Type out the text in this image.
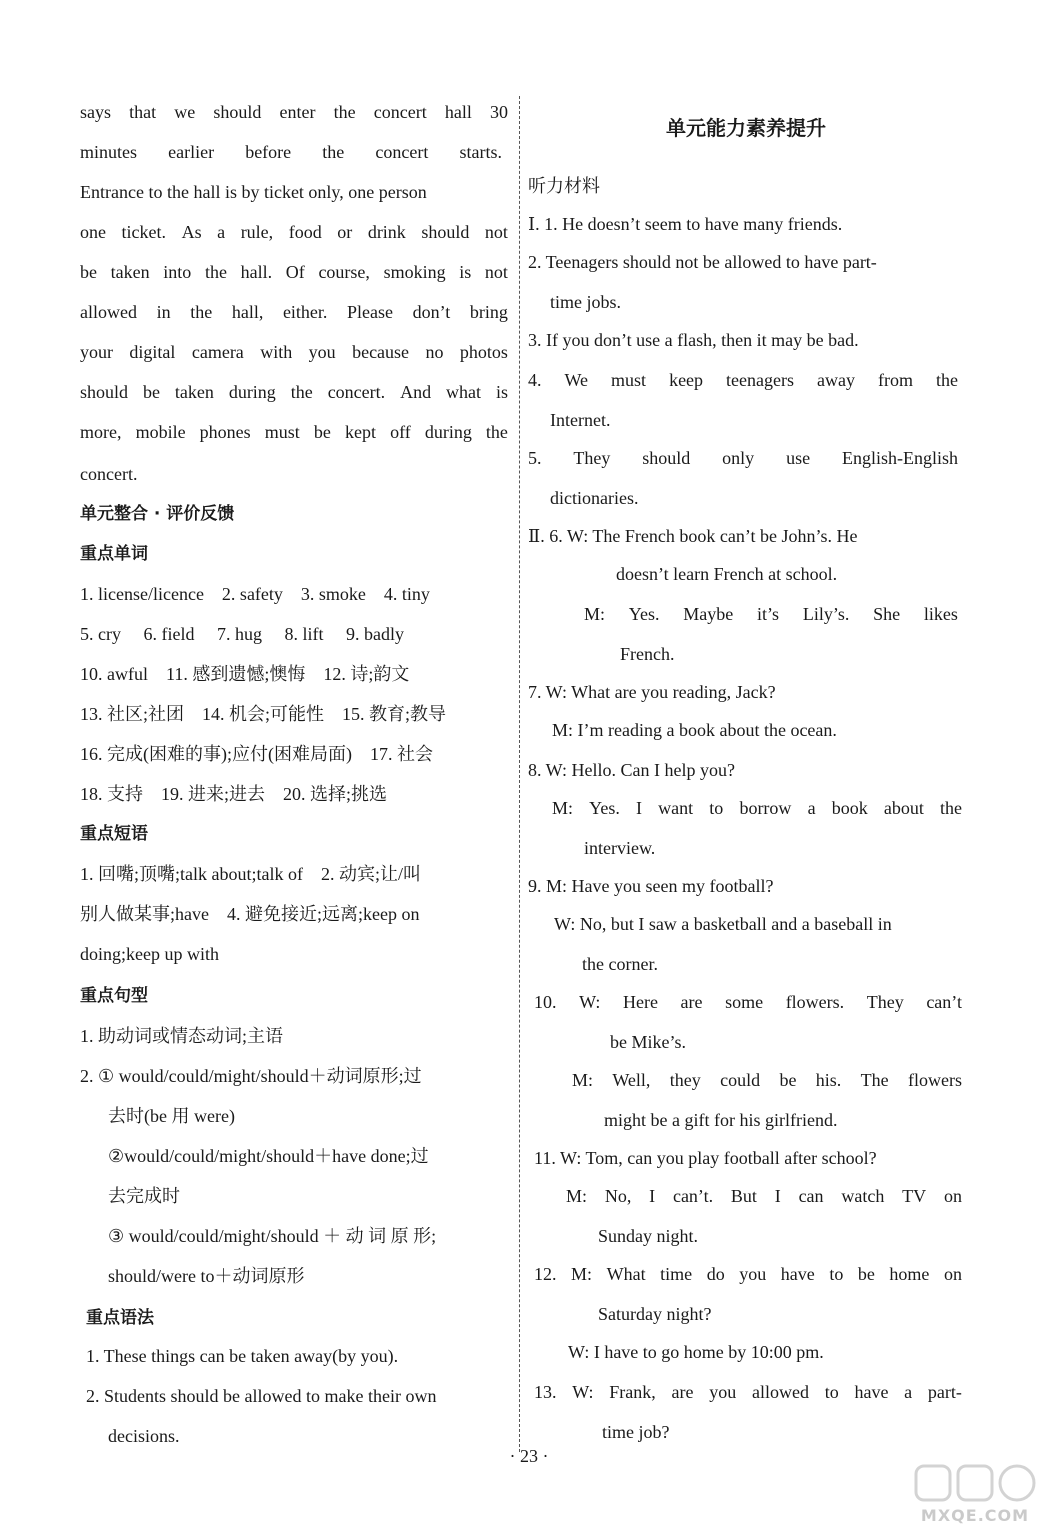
says that we should enter the concert hall 30
minutes earlier before the concert starts.
Entrance to the hall is by ticket only, one person
one ticket. As a rule, food or drink should not
be taken into the hall. Of course, smoking is not
allowed in the hall, either. Please don’t bring
your digital camera with you because no photos
should be taken during the concert. And what is
more, mobile phones must be kept off during the
concert.
单元整合 · 评价反馈
重点单词
1. license/licence　2. safety　3. smoke　4. tiny
5. cry　 6. field　 7. hug　 8. lift　 9. badly
10. awful　11. 感到遗憾;懊悔　12. 诗;韵文
13. 社区;社团　14. 机会;可能性　15. 教育;教导
16. 完成(困难的事);应付(困难局面)　17. 社会
18. 支持　19. 进来;进去　20. 选择;挑选
重点短语
1. 回嘴;顶嘴;talk about;talk of　2. 动宾;让/叫
别人做某事;have　4. 避免接近;远离;keep on
doing;keep up with
重点句型
1. 助动词或情态动词;主语
2. ① would/could/might/should＋动词原形;过
去时(be 用 were)
②would/could/might/should＋have done;过
去完成时
③ would/could/might/should ＋ 动 词 原 形;
should/were to＋动词原形
重点语法
1. These things can be taken away(by you).
2. Students should be allowed to make their own
decisions.
单元能力素养提升
听力材料
Ⅰ. 1. He doesn’t seem to have many friends.
2. Teenagers should not be allowed to have part-
time jobs.
3. If you don’t use a flash, then it may be bad.
4. We must keep teenagers away from the
Internet.
5. They should only use English-English
dictionaries.
Ⅱ. 6. W: The French book can’t be John’s. He
doesn’t learn French at school.
M: Yes. Maybe it’s Lily’s. She likes
French.
7. W: What are you reading, Jack?
M: I’m reading a book about the ocean.
8. W: Hello. Can I help you?
M: Yes. I want to borrow a book about the
interview.
9. M: Have you seen my football?
W: No, but I saw a basketball and a baseball in
the corner.
10. W: Here are some flowers. They can’t
be Mike’s.
M: Well, they could be his. The flowers
might be a gift for his girlfriend.
11. W: Tom, can you play football after school?
M: No, I can’t. But I can watch TV on
Sunday night.
12. M: What time do you have to be home on
Saturday night?
W: I have to go home by 10:00 pm.
13. W: Frank, are you allowed to have a part-
time job?
· 23 ·
MXQE.COM
